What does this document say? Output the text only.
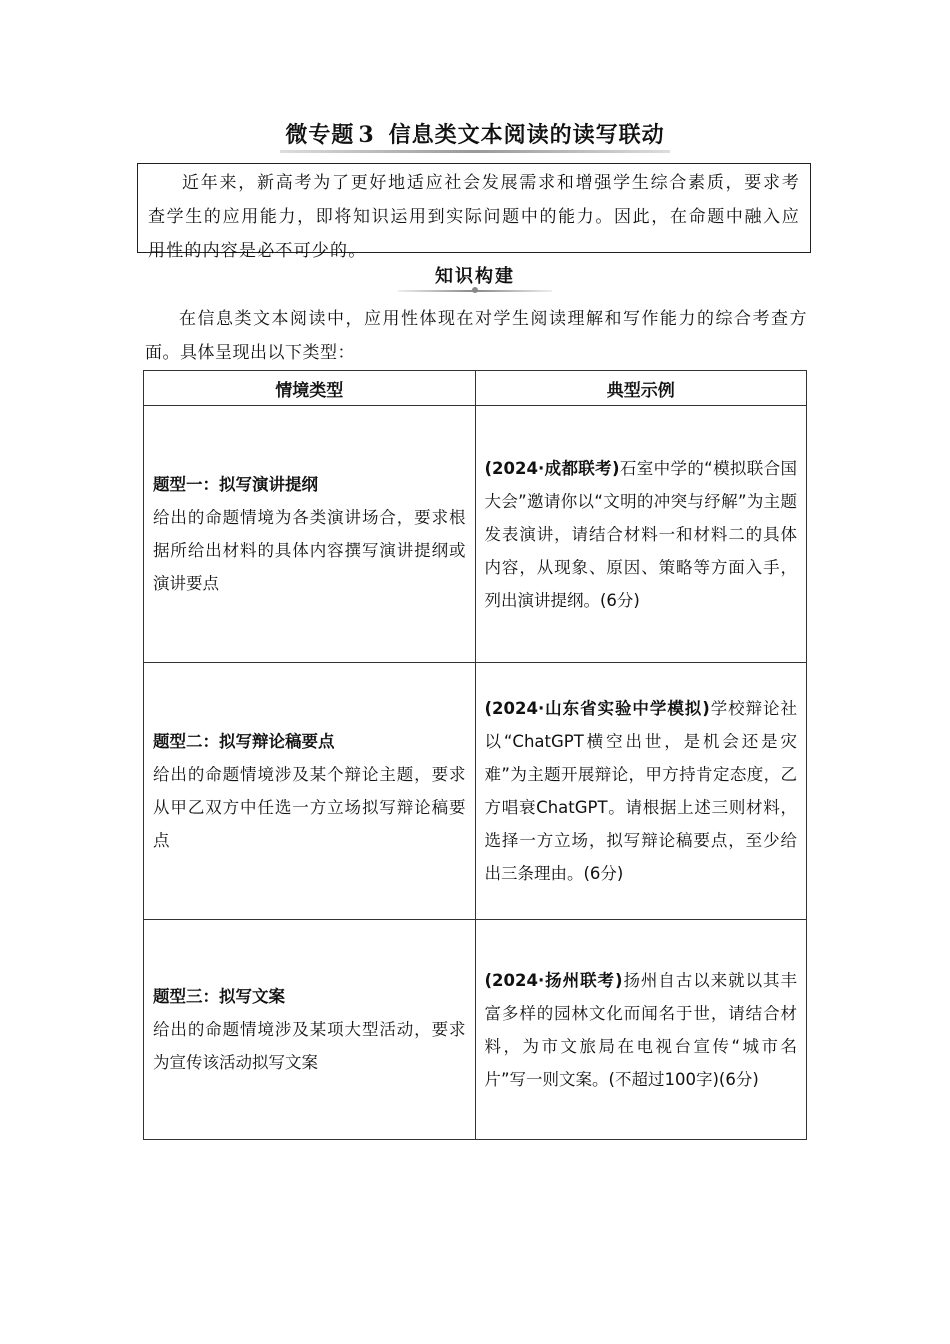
微专题 3 信息类文本阅读的读写联动
近年来，新高考为了更好地适应社会发展需求和增强学生综合素质，要求考查学生的应用能力，即将知识运用到实际问题中的能力。因此，在命题中融入应用性的内容是必不可少的。
知识构建
在信息类文本阅读中，应用性体现在对学生阅读理解和写作能力的综合考查方面。具体呈现出以下类型：
情境类型	典型示例

题型一：拟写演讲提纲
给出的命题情境为各类演讲场合，要求根据所给出材料的具体内容撰写演讲提纲或演讲要点	(2024·成都联考)石室中学的“模拟联合国大会”邀请你以“文明的冲突与纾解”为主题发表演讲，请结合材料一和材料二的具体内容，从现象、原因、策略等方面入手，列出演讲提纲。(6分)

题型二：拟写辩论稿要点
给出的命题情境涉及某个辩论主题，要求从甲乙双方中任选一方立场拟写辩论稿要点	(2024·山东省实验中学模拟)学校辩论社以“ChatGPT横空出世，是机会还是灾难”为主题开展辩论，甲方持肯定态度，乙方唱衰ChatGPT。请根据上述三则材料，选择一方立场，拟写辩论稿要点，至少给出三条理由。(6分)

题型三：拟写文案
给出的命题情境涉及某项大型活动，要求为宣传该活动拟写文案	(2024·扬州联考)扬州自古以来就以其丰富多样的园林文化而闻名于世，请结合材料，为市文旅局在电视台宣传“城市名片”写一则文案。(不超过100字)(6分)
